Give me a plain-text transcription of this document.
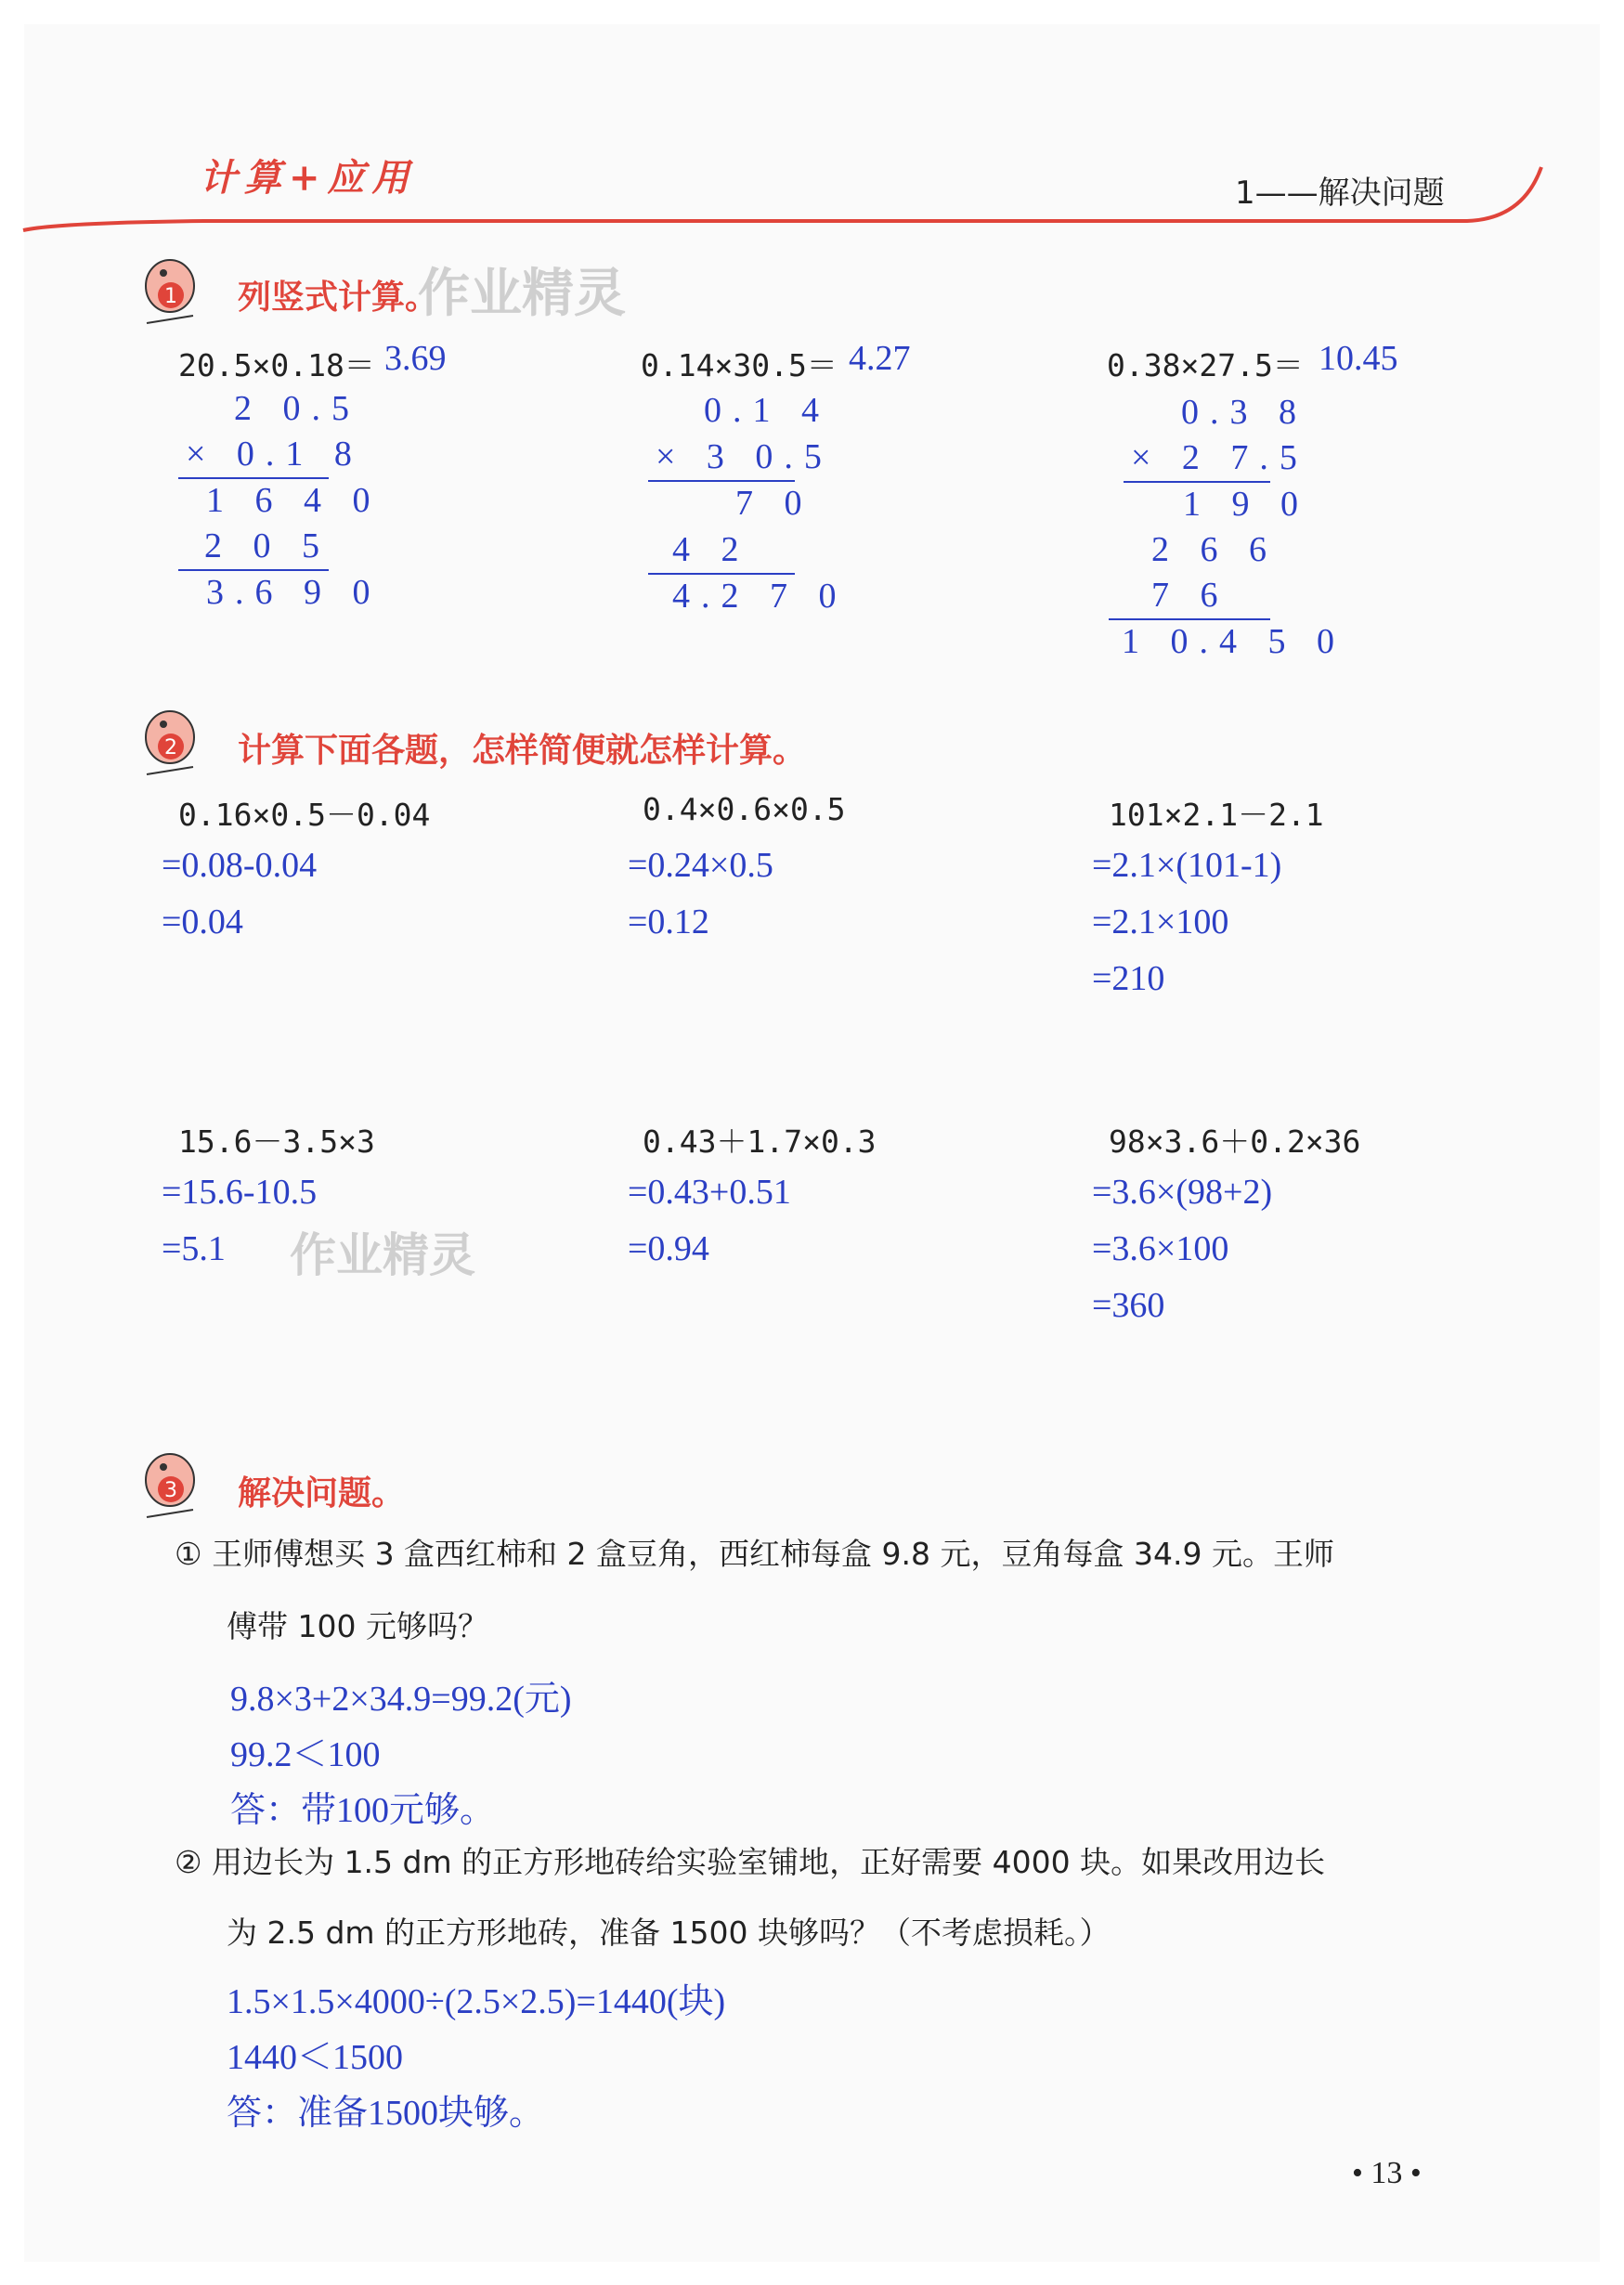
计算+应用	1——解决问题
1 列竖式计算。
作业精灵
20.5×0.18＝ 3.69
2 0.5
× 0.1 8
1 6 4 0
2 0 5
3.6 9 0
0.14×30.5＝ 4.27
0.1 4
× 3 0.5
7 0
4 2
4.2 7 0
0.38×27.5＝ 10.45
0.3 8
× 2 7.5
1 9 0
2 6 6
7 6
1 0.4 5 0
2 计算下面各题，怎样简便就怎样计算。
0.16×0.5－0.04
=0.08-0.04
=0.04
0.4×0.6×0.5
=0.24×0.5
=0.12
101×2.1－2.1
=2.1×(101-1)
=2.1×100
=210
15.6－3.5×3
=15.6-10.5
=5.1 作业精灵
0.43＋1.7×0.3
=0.43+0.51
=0.94
98×3.6＋0.2×36
=3.6×(98+2)
=3.6×100
=360
3 解决问题。
① 王师傅想买 3 盒西红柿和 2 盒豆角，西红柿每盒 9.8 元，豆角每盒 34.9 元。王师
傅带 100 元够吗？
9.8×3+2×34.9=99.2(元)
99.2＜100
答：带100元够。
② 用边长为 1.5 dm 的正方形地砖给实验室铺地，正好需要 4000 块。如果改用边长
为 2.5 dm 的正方形地砖，准备 1500 块够吗？（不考虑损耗。）
1.5×1.5×4000÷(2.5×2.5)=1440(块)
1440＜1500
答：准备1500块够。
• 13 •
